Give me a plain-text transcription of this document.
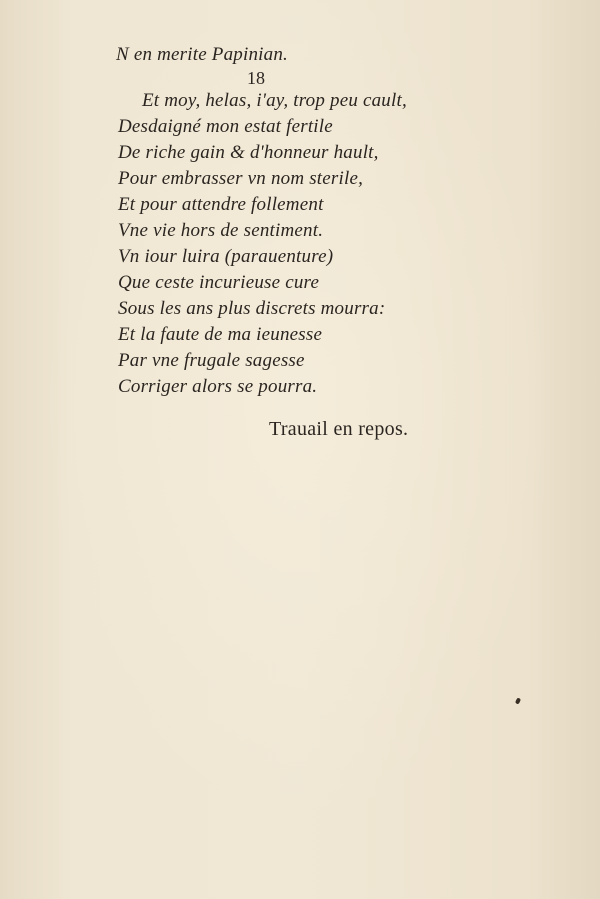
N en merite Papinian.
18
Et moy, helas, i'ay, trop peu cault,
Desdaigné mon estat fertile
De riche gain & d'honneur hault,
Pour embrasser vn nom sterile,
Et pour attendre follement
Vne vie hors de sentiment.
Vn iour luira (parauenture)
Que ceste incurieuse cure
Sous les ans plus discrets mourra:
Et la faute de ma ieunesse
Par vne frugale sagesse
Corriger alors se pourra.
Trauail en repos.
